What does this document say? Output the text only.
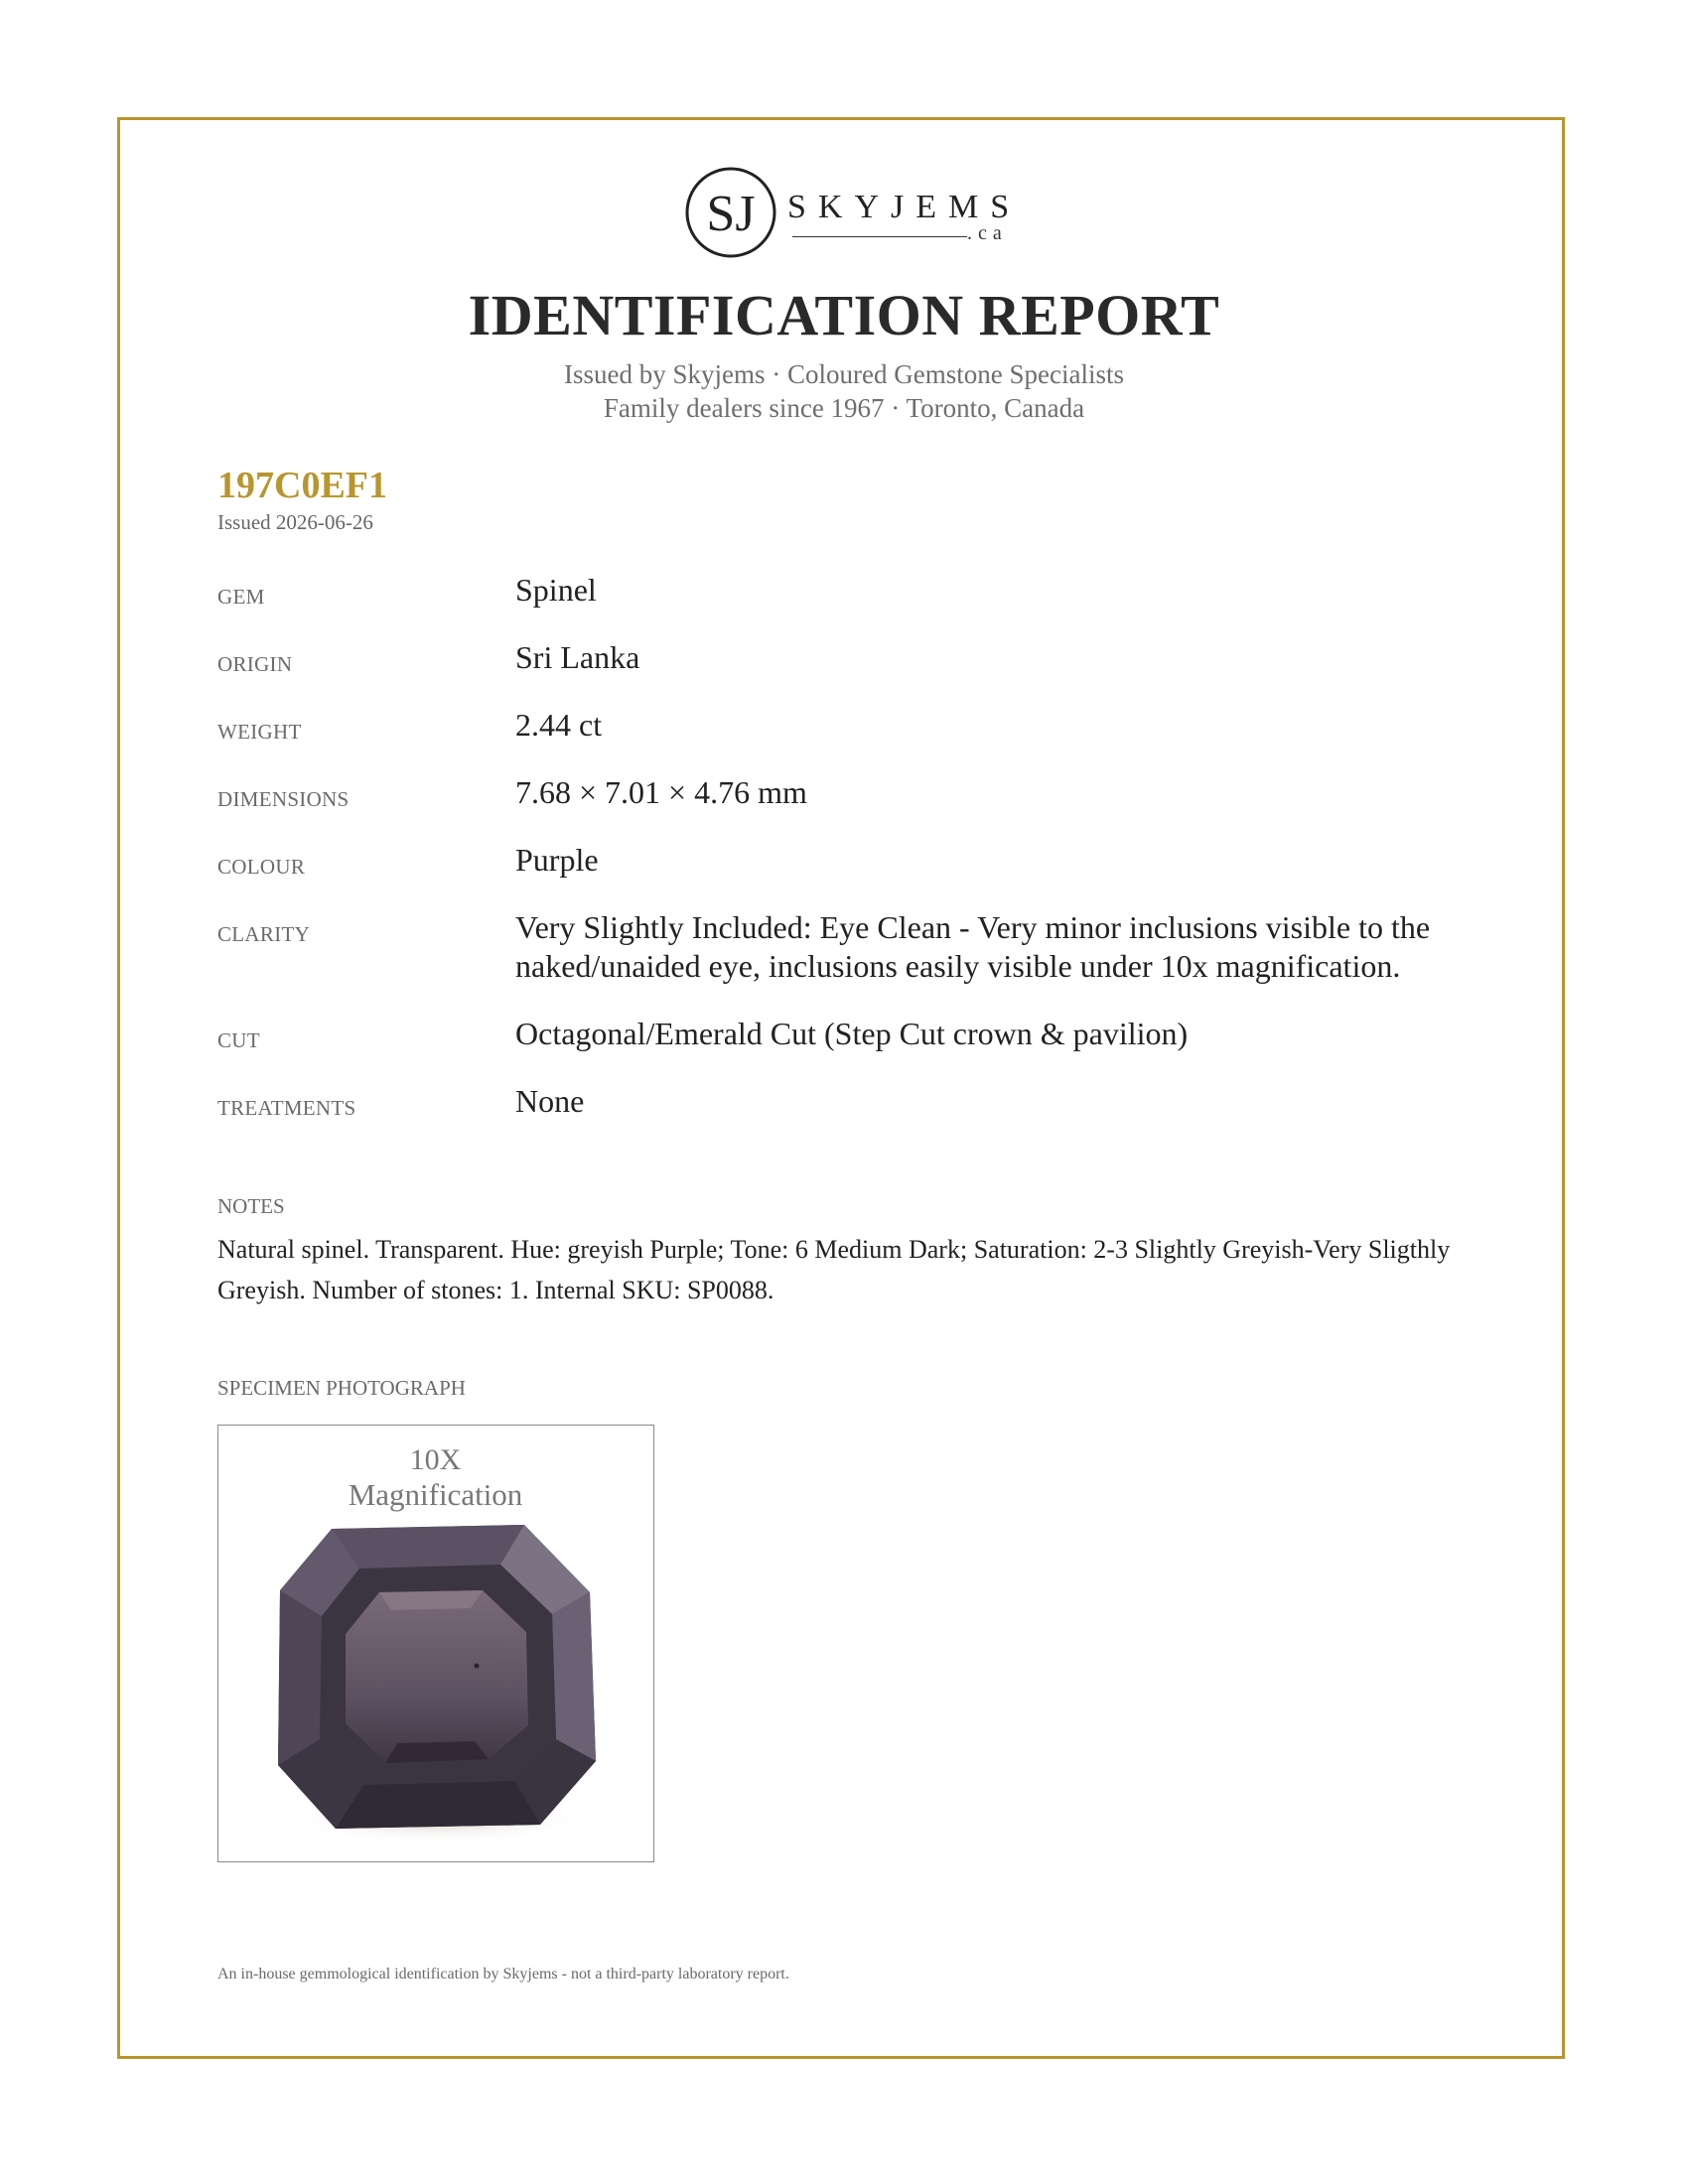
SJ SKYJEMS
.ca
IDENTIFICATION REPORT
Issued by Skyjems · Coloured Gemstone Specialists
Family dealers since 1967 · Toronto, Canada
197C0EF1
Issued 2026-06-26
GEM	Spinel
ORIGIN	Sri Lanka
WEIGHT	2.44 ct
DIMENSIONS	7.68 × 7.01 × 4.76 mm
COLOUR	Purple
CLARITY	Very Slightly Included: Eye Clean - Very minor inclusions visible to the naked/unaided eye, inclusions easily visible under 10x magnification.
CUT	Octagonal/Emerald Cut (Step Cut crown & pavilion)
TREATMENTS	None
NOTES
Natural spinel. Transparent. Hue: greyish Purple; Tone: 6 Medium Dark; Saturation: 2-3 Slightly Greyish-Very Sligthly Greyish. Number of stones: 1. Internal SKU: SP0088.
SPECIMEN PHOTOGRAPH
10X
Magnification
An in-house gemmological identification by Skyjems - not a third-party laboratory report.
